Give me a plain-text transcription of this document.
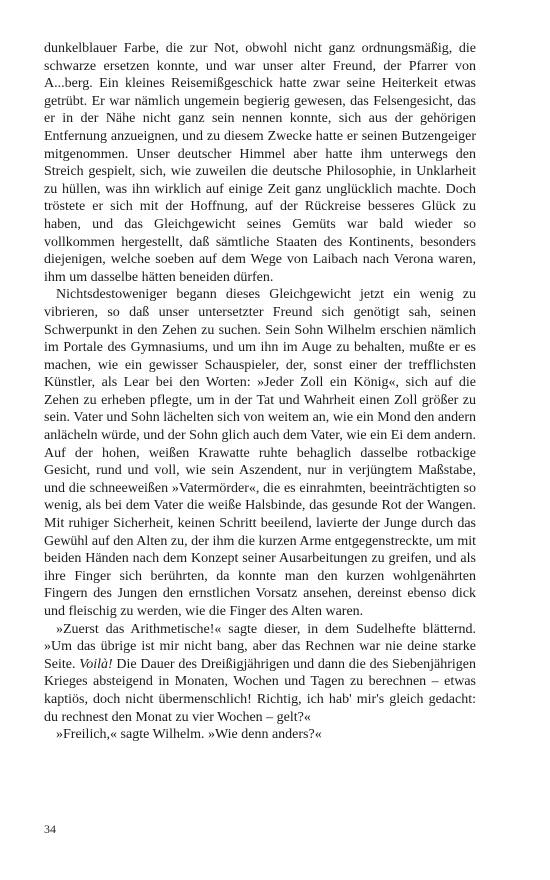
dunkelblauer Farbe, die zur Not, obwohl nicht ganz ordnungsmäßig, die schwarze ersetzen konnte, und war unser alter Freund, der Pfarrer von A...berg. Ein kleines Reisemißgeschick hatte zwar seine Heiterkeit etwas getrübt. Er war nämlich ungemein begierig gewesen, das Felsengesicht, das er in der Nähe nicht ganz sein nennen konnte, sich aus der gehörigen Entfernung anzueignen, und zu diesem Zwecke hatte er seinen Butzengeiger mitgenommen. Unser deutscher Himmel aber hatte ihm unterwegs den Streich gespielt, sich, wie zuweilen die deutsche Philosophie, in Unklarheit zu hüllen, was ihn wirklich auf einige Zeit ganz unglücklich machte. Doch tröstete er sich mit der Hoffnung, auf der Rückreise besseres Glück zu haben, und das Gleichgewicht seines Gemüts war bald wieder so vollkommen hergestellt, daß sämtliche Staaten des Kontinents, besonders diejenigen, welche soeben auf dem Wege von Laibach nach Verona waren, ihm um dasselbe hätten beneiden dürfen.

Nichtsdestoweniger begann dieses Gleichgewicht jetzt ein wenig zu vibrieren, so daß unser untersetzter Freund sich genötigt sah, seinen Schwerpunkt in den Zehen zu suchen. Sein Sohn Wilhelm erschien nämlich im Portale des Gymnasiums, und um ihn im Auge zu behalten, mußte er es machen, wie ein gewisser Schauspieler, der, sonst einer der trefflichsten Künstler, als Lear bei den Worten: »Jeder Zoll ein König«, sich auf die Zehen zu erheben pflegte, um in der Tat und Wahrheit einen Zoll größer zu sein. Vater und Sohn lächelten sich von weitem an, wie ein Mond den andern anlächeln würde, und der Sohn glich auch dem Vater, wie ein Ei dem andern. Auf der hohen, weißen Krawatte ruhte behaglich dasselbe rotbackige Gesicht, rund und voll, wie sein Aszendent, nur in verjüngtem Maßstabe, und die schneeweißen »Vatermörder«, die es einrahmten, beeinträchtigten so wenig, als bei dem Vater die weiße Halsbinde, das gesunde Rot der Wangen. Mit ruhiger Sicherheit, keinen Schritt beeilend, lavierte der Junge durch das Gewühl auf den Alten zu, der ihm die kurzen Arme entgegenstreckte, um mit beiden Händen nach dem Konzept seiner Ausarbeitungen zu greifen, und als ihre Finger sich berührten, da konnte man den kurzen wohlgenährten Fingern des Jungen den ernstlichen Vorsatz ansehen, dereinst ebenso dick und fleischig zu werden, wie die Finger des Alten waren.

»Zuerst das Arithmetische!« sagte dieser, in dem Sudelhefte blätternd. »Um das übrige ist mir nicht bang, aber das Rechnen war nie deine starke Seite. Voilà! Die Dauer des Dreißigjährigen und dann die des Siebenjährigen Krieges absteigend in Monaten, Wochen und Tagen zu berechnen – etwas kaptiös, doch nicht übermenschlich! Richtig, ich hab' mir's gleich gedacht: du rechnest den Monat zu vier Wochen – gelt?«

»Freilich,« sagte Wilhelm. »Wie denn anders?«

34
